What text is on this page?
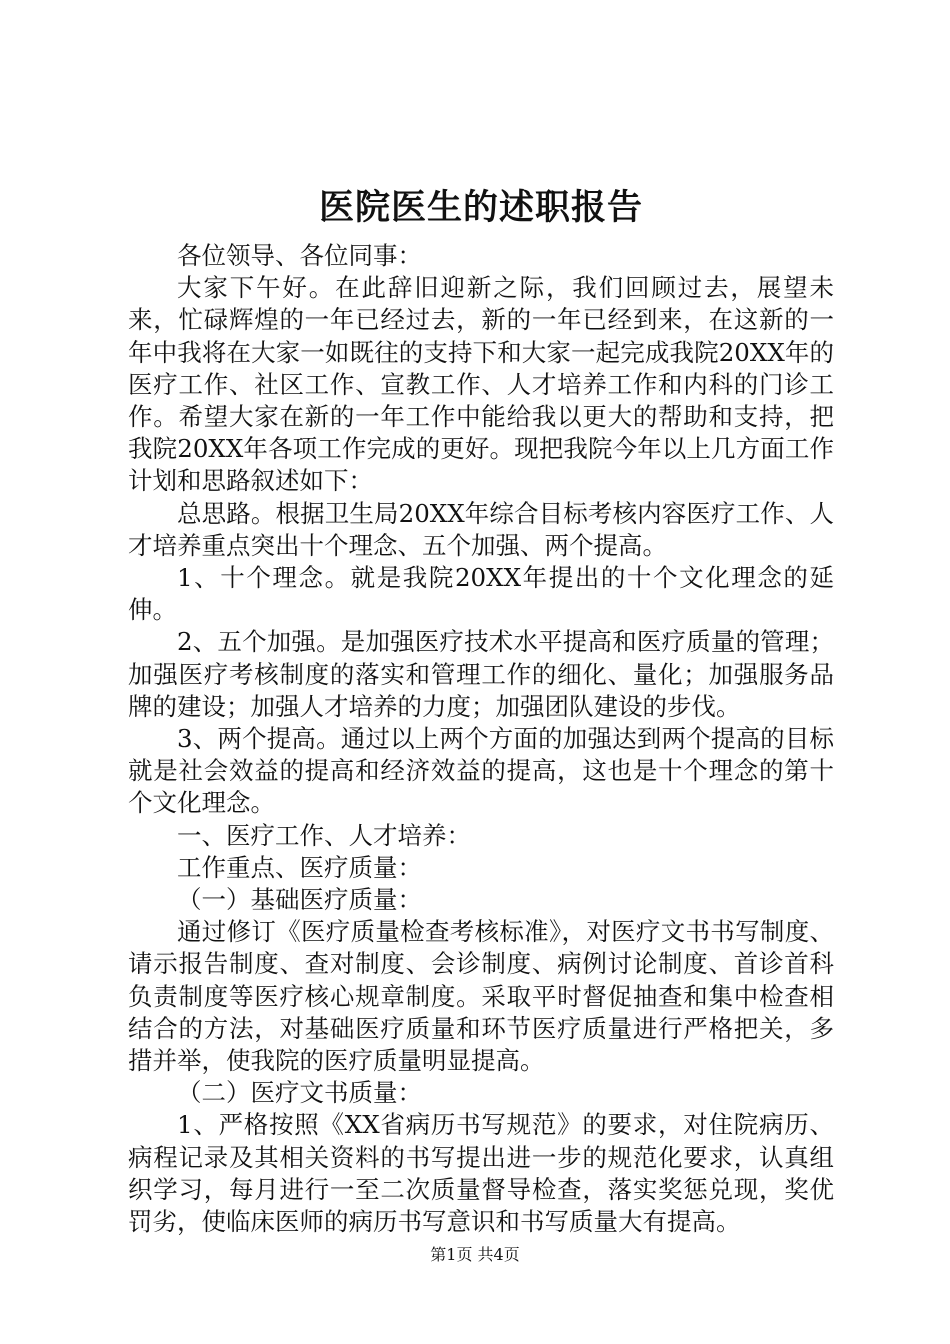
医院医生的述职报告

各位领导、各位同事：

大家下午好。在此辞旧迎新之际，我们回顾过去，展望未来，忙碌辉煌的一年已经过去，新的一年已经到来，在这新的一年中我将在大家一如既往的支持下和大家一起完成我院20XX年的医疗工作、社区工作、宣教工作、人才培养工作和内科的门诊工作。希望大家在新的一年工作中能给我以更大的帮助和支持，把我院20XX年各项工作完成的更好。现把我院今年以上几方面工作计划和思路叙述如下：

总思路。根据卫生局20XX年综合目标考核内容医疗工作、人才培养重点突出十个理念、五个加强、两个提高。

1、十个理念。就是我院20XX年提出的十个文化理念的延伸。

2、五个加强。是加强医疗技术水平提高和医疗质量的管理；加强医疗考核制度的落实和管理工作的细化、量化；加强服务品牌的建设；加强人才培养的力度；加强团队建设的步伐。

3、两个提高。通过以上两个方面的加强达到两个提高的目标就是社会效益的提高和经济效益的提高，这也是十个理念的第十个文化理念。

一、医疗工作、人才培养：

工作重点、医疗质量：

（一）基础医疗质量：

通过修订《医疗质量检查考核标准》，对医疗文书书写制度、请示报告制度、查对制度、会诊制度、病例讨论制度、首诊首科负责制度等医疗核心规章制度。采取平时督促抽查和集中检查相结合的方法，对基础医疗质量和环节医疗质量进行严格把关，多措并举，使我院的医疗质量明显提高。

（二）医疗文书质量：

1、严格按照《XX省病历书写规范》的要求，对住院病历、病程记录及其相关资料的书写提出进一步的规范化要求，认真组织学习，每月进行一至二次质量督导检查，落实奖惩兑现，奖优罚劣，使临床医师的病历书写意识和书写质量大有提高。

第1页 共4页
